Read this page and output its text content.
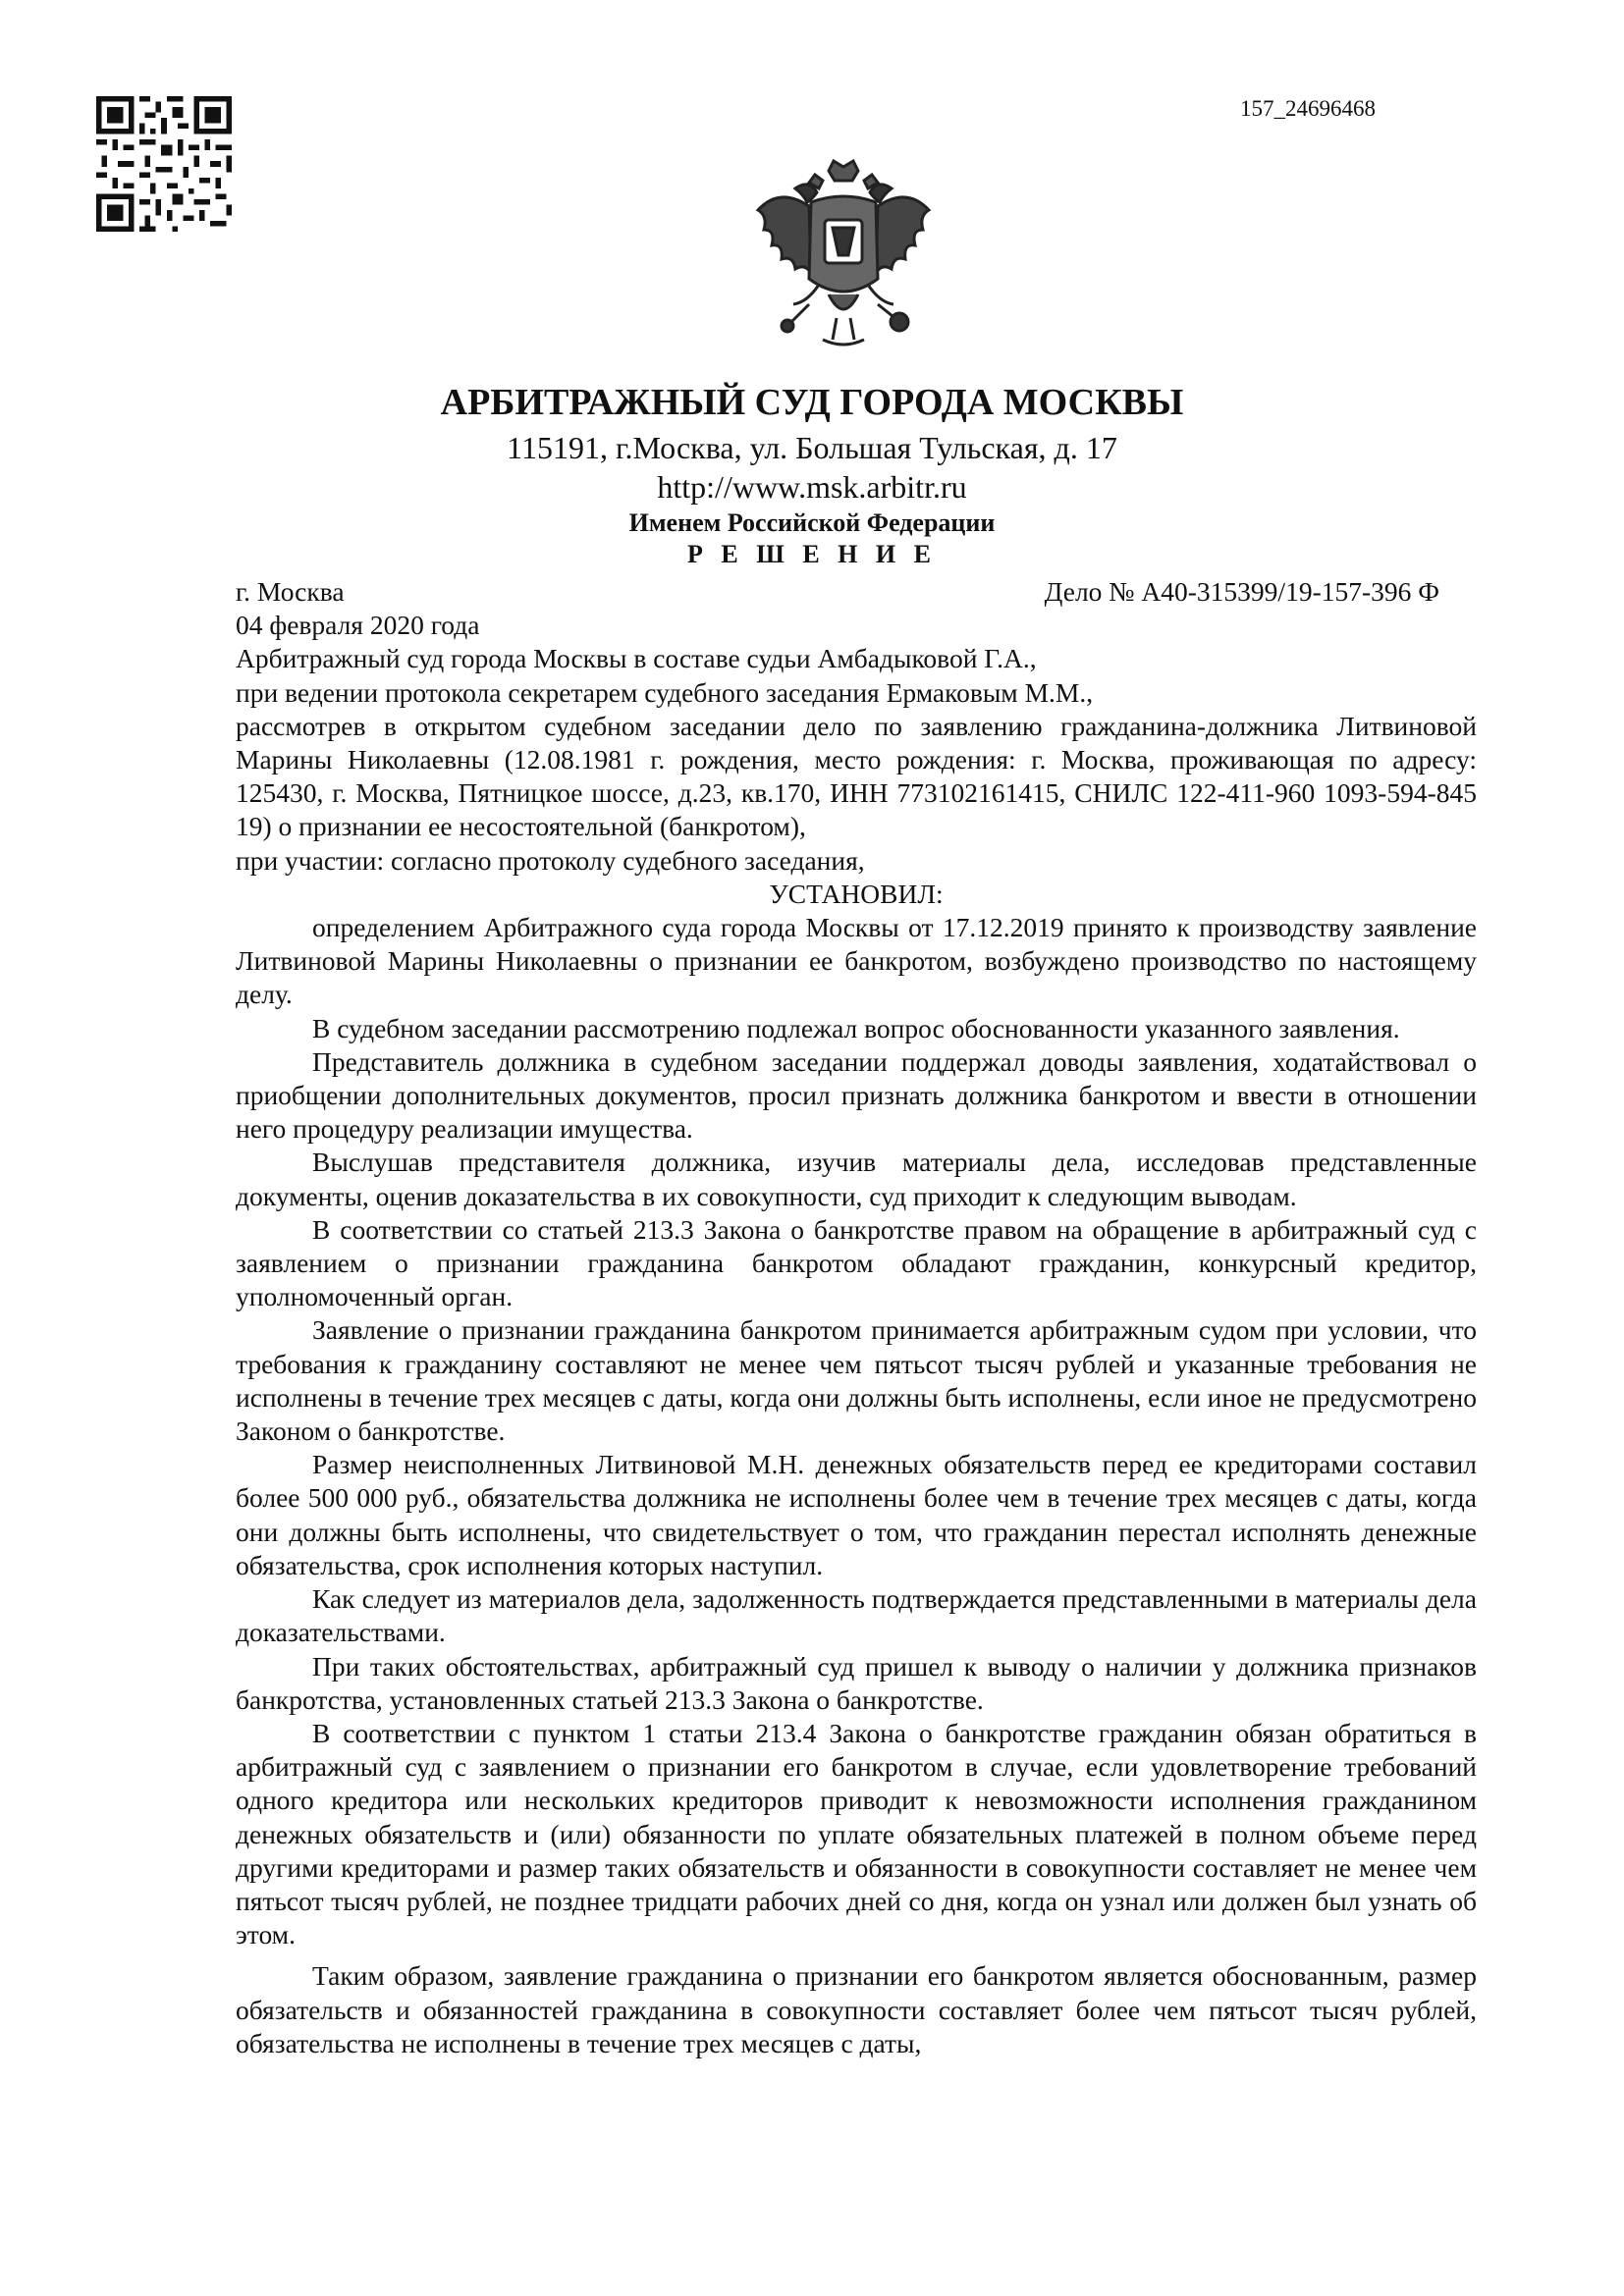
157_24696468
АРБИТРАЖНЫЙ СУД ГОРОДА МОСКВЫ
115191, г.Москва, ул. Большая Тульская, д. 17
http://www.msk.arbitr.ru
Именем Российской Федерации
Р Е Ш Е Н И Е
г. Москва	Дело № А40-315399/19-157-396 Ф

04 февраля 2020 года

Арбитражный суд города Москвы в составе судьи Амбадыковой Г.А.,

при ведении протокола секретарем судебного заседания Ермаковым М.М.,

рассмотрев в открытом судебном заседании дело по заявлению гражданина-должника Литвиновой Марины Николаевны (12.08.1981 г. рождения, место рождения: г. Москва, проживающая по адресу: 125430, г. Москва, Пятницкое шоссе, д.23, кв.170, ИНН 773102161415, СНИЛС 122-411-960 1093-594-845 19) о признании ее несостоятельной (банкротом),

при участии: согласно протоколу судебного заседания,

УСТАНОВИЛ:

определением Арбитражного суда города Москвы от 17.12.2019 принято к производству заявление Литвиновой Марины Николаевны о признании ее банкротом, возбуждено производство по настоящему делу.

В судебном заседании рассмотрению подлежал вопрос обоснованности указанного заявления.

Представитель должника в судебном заседании поддержал доводы заявления, ходатайствовал о приобщении дополнительных документов, просил признать должника банкротом и ввести в отношении него процедуру реализации имущества.

Выслушав представителя должника, изучив материалы дела, исследовав представленные документы, оценив доказательства в их совокупности, суд приходит к следующим выводам.

В соответствии со статьей 213.3 Закона о банкротстве правом на обращение в арбитражный суд с заявлением о признании гражданина банкротом обладают гражданин, конкурсный кредитор, уполномоченный орган.

Заявление о признании гражданина банкротом принимается арбитражным судом при условии, что требования к гражданину составляют не менее чем пятьсот тысяч рублей и указанные требования не исполнены в течение трех месяцев с даты, когда они должны быть исполнены, если иное не предусмотрено Законом о банкротстве.

Размер неисполненных Литвиновой М.Н. денежных обязательств перед ее кредиторами составил более 500 000 руб., обязательства должника не исполнены более чем в течение трех месяцев с даты, когда они должны быть исполнены, что свидетельствует о том, что гражданин перестал исполнять денежные обязательства, срок исполнения которых наступил.

Как следует из материалов дела, задолженность подтверждается представленными в материалы дела доказательствами.

При таких обстоятельствах, арбитражный суд пришел к выводу о наличии у должника признаков банкротства, установленных статьей 213.3 Закона о банкротстве.

В соответствии с пунктом 1 статьи 213.4 Закона о банкротстве гражданин обязан обратиться в арбитражный суд с заявлением о признании его банкротом в случае, если удовлетворение требований одного кредитора или нескольких кредиторов приводит к невозможности исполнения гражданином денежных обязательств и (или) обязанности по уплате обязательных платежей в полном объеме перед другими кредиторами и размер таких обязательств и обязанности в совокупности составляет не менее чем пятьсот тысяч рублей, не позднее тридцати рабочих дней со дня, когда он узнал или должен был узнать об этом.

Таким образом, заявление гражданина о признании его банкротом является обоснованным, размер обязательств и обязанностей гражданина в совокупности составляет более чем пятьсот тысяч рублей, обязательства не исполнены в течение трех месяцев с даты,
